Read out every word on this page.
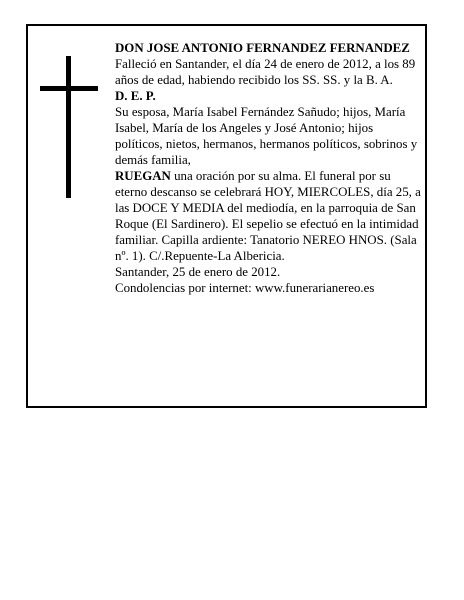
DON JOSE ANTONIO FERNANDEZ FERNANDEZ

Falleció en Santander, el día 24 de enero de 2012, a los 89 años de edad, habiendo recibido los SS. SS. y la B. A.

D. E. P.

Su esposa, María Isabel Fernández Sañudo; hijos, María Isabel, María de los Angeles y José Antonio; hijos políticos, nietos, hermanos, hermanos políticos, sobrinos y demás familia,

RUEGAN una oración por su alma. El funeral por su eterno descanso se celebrará HOY, MIERCOLES, día 25, a las DOCE Y MEDIA del mediodía, en la parroquia de San Roque (El Sardinero). El sepelio se efectuó en la intimidad familiar. Capilla ardiente: Tanatorio NEREO HNOS. (Sala nº. 1). C/.Repuente-La Albericia.

Santander, 25 de enero de 2012.

Condolencias por internet: www.funerarianereo.es
